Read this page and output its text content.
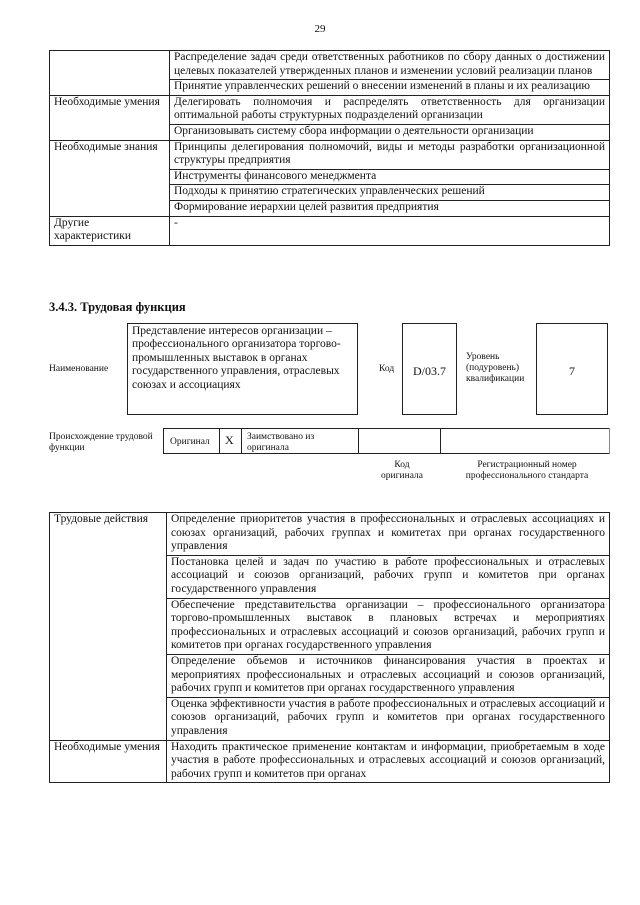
29
	Распределение задач среди ответственных работников по сбору данных о достижении целевых показателей утвержденных планов и изменении условий реализации планов
	Принятие управленческих решений о внесении изменений в планы и их реализацию
Необходимые умения	Делегировать полномочия и распределять ответственность для организации оптимальной работы структурных подразделений организации
	Организовывать систему сбора информации о деятельности организации
Необходимые знания	Принципы делегирования полномочий, виды и методы разработки организационной структуры предприятия
	Инструменты финансового менеджмента
	Подходы к принятию стратегических управленческих решений
	Формирование иерархии целей развития предприятия
Другие характеристики	-
3.4.3. Трудовая функция
Наименование
Представление интересов организации – профессионального организатора торгово-промышленных выставок в органах государственного управления, отраслевых союзах и ассоциациях
Код	D/03.7
Уровень (подуровень) квалификации
7
Происхождение трудовой функции
Оригинал X Заимствовано из оригинала
Код оригинала
Регистрационный номер профессионального стандарта
Трудовые действия	Определение приоритетов участия в профессиональных и отраслевых ассоциациях и союзах организаций, рабочих группах и комитетах при органах государственного управления
	Постановка целей и задач по участию в работе профессиональных и отраслевых ассоциаций и союзов организаций, рабочих групп и комитетов при органах государственного управления
	Обеспечение представительства организации – профессионального организатора торгово-промышленных выставок в плановых встречах и мероприятиях профессиональных и отраслевых ассоциаций и союзов организаций, рабочих групп и комитетов при органах государственного управления
	Определение объемов и источников финансирования участия в проектах и мероприятиях профессиональных и отраслевых ассоциаций и союзов организаций, рабочих групп и комитетов при органах государственного управления
	Оценка эффективности участия в работе профессиональных и отраслевых ассоциаций и союзов организаций, рабочих групп и комитетов при органах государственного управления
Необходимые умения	Находить практическое применение контактам и информации, приобретаемым в ходе участия в работе профессиональных и отраслевых ассоциаций и союзов организаций, рабочих групп и комитетов при органах
